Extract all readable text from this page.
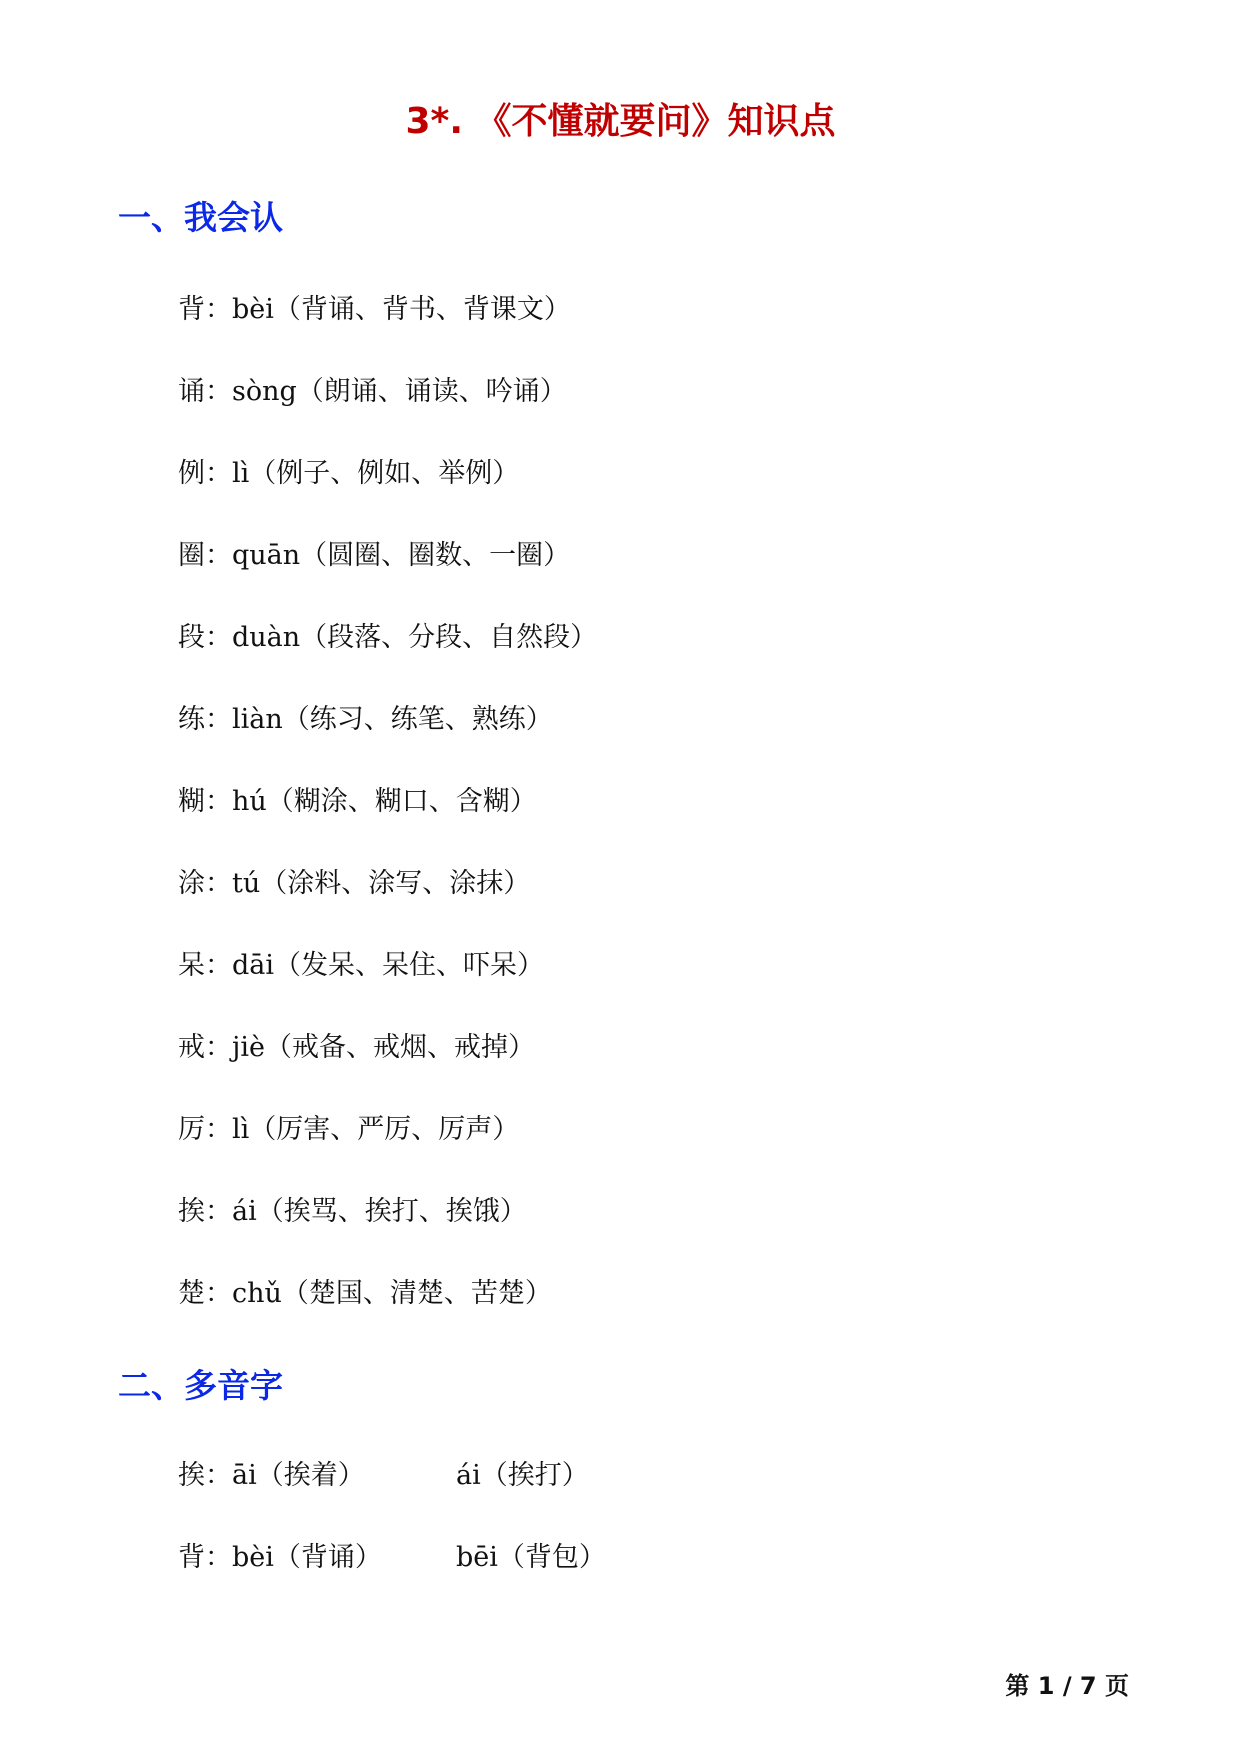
3*. 《不懂就要问》知识点
一、我会认
背：bèi（背诵、背书、背课文）
诵：sòng（朗诵、诵读、吟诵）
例：lì（例子、例如、举例）
圈：quān（圆圈、圈数、一圈）
段：duàn（段落、分段、自然段）
练：liàn（练习、练笔、熟练）
糊：hú（糊涂、糊口、含糊）
涂：tú（涂料、涂写、涂抹）
呆：dāi（发呆、呆住、吓呆）
戒：jiè（戒备、戒烟、戒掉）
厉：lì（厉害、严厉、厉声）
挨：ái（挨骂、挨打、挨饿）
楚：chǔ（楚国、清楚、苦楚）
二、多音字
挨：āi（挨着）	ái（挨打）
背：bèi（背诵）	bēi（背包）
第 1 / 7 页
